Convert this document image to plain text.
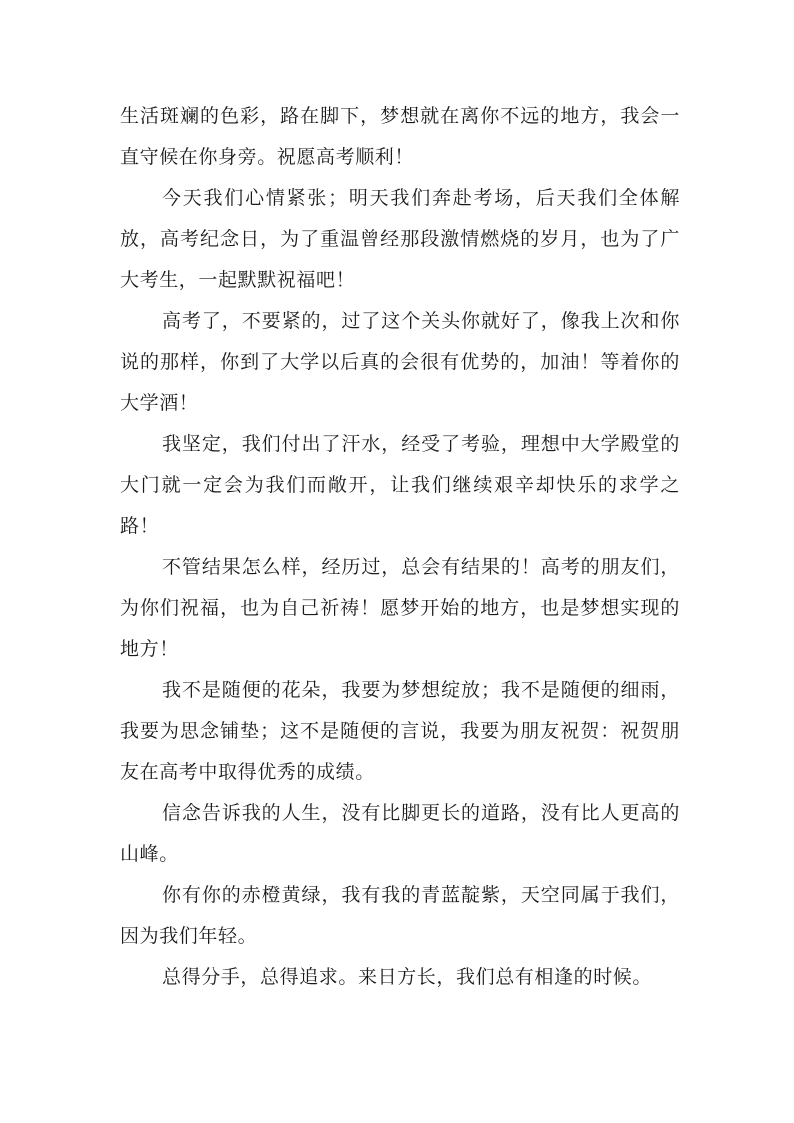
生活斑斓的色彩，路在脚下，梦想就在离你不远的地方，我会一直守候在你身旁。祝愿高考顺利！

今天我们心情紧张；明天我们奔赴考场，后天我们全体解放，高考纪念日，为了重温曾经那段激情燃烧的岁月，也为了广大考生，一起默默祝福吧！

高考了，不要紧的，过了这个关头你就好了，像我上次和你说的那样，你到了大学以后真的会很有优势的，加油！等着你的大学酒！

我坚定，我们付出了汗水，经受了考验，理想中大学殿堂的大门就一定会为我们而敞开，让我们继续艰辛却快乐的求学之路！

不管结果怎么样，经历过，总会有结果的！高考的朋友们，为你们祝福，也为自己祈祷！愿梦开始的地方，也是梦想实现的地方！

我不是随便的花朵，我要为梦想绽放；我不是随便的细雨，我要为思念铺垫；这不是随便的言说，我要为朋友祝贺：祝贺朋友在高考中取得优秀的成绩。

信念告诉我的人生，没有比脚更长的道路，没有比人更高的山峰。

你有你的赤橙黄绿，我有我的青蓝靛紫，天空同属于我们，因为我们年轻。

总得分手，总得追求。来日方长，我们总有相逢的时候。
